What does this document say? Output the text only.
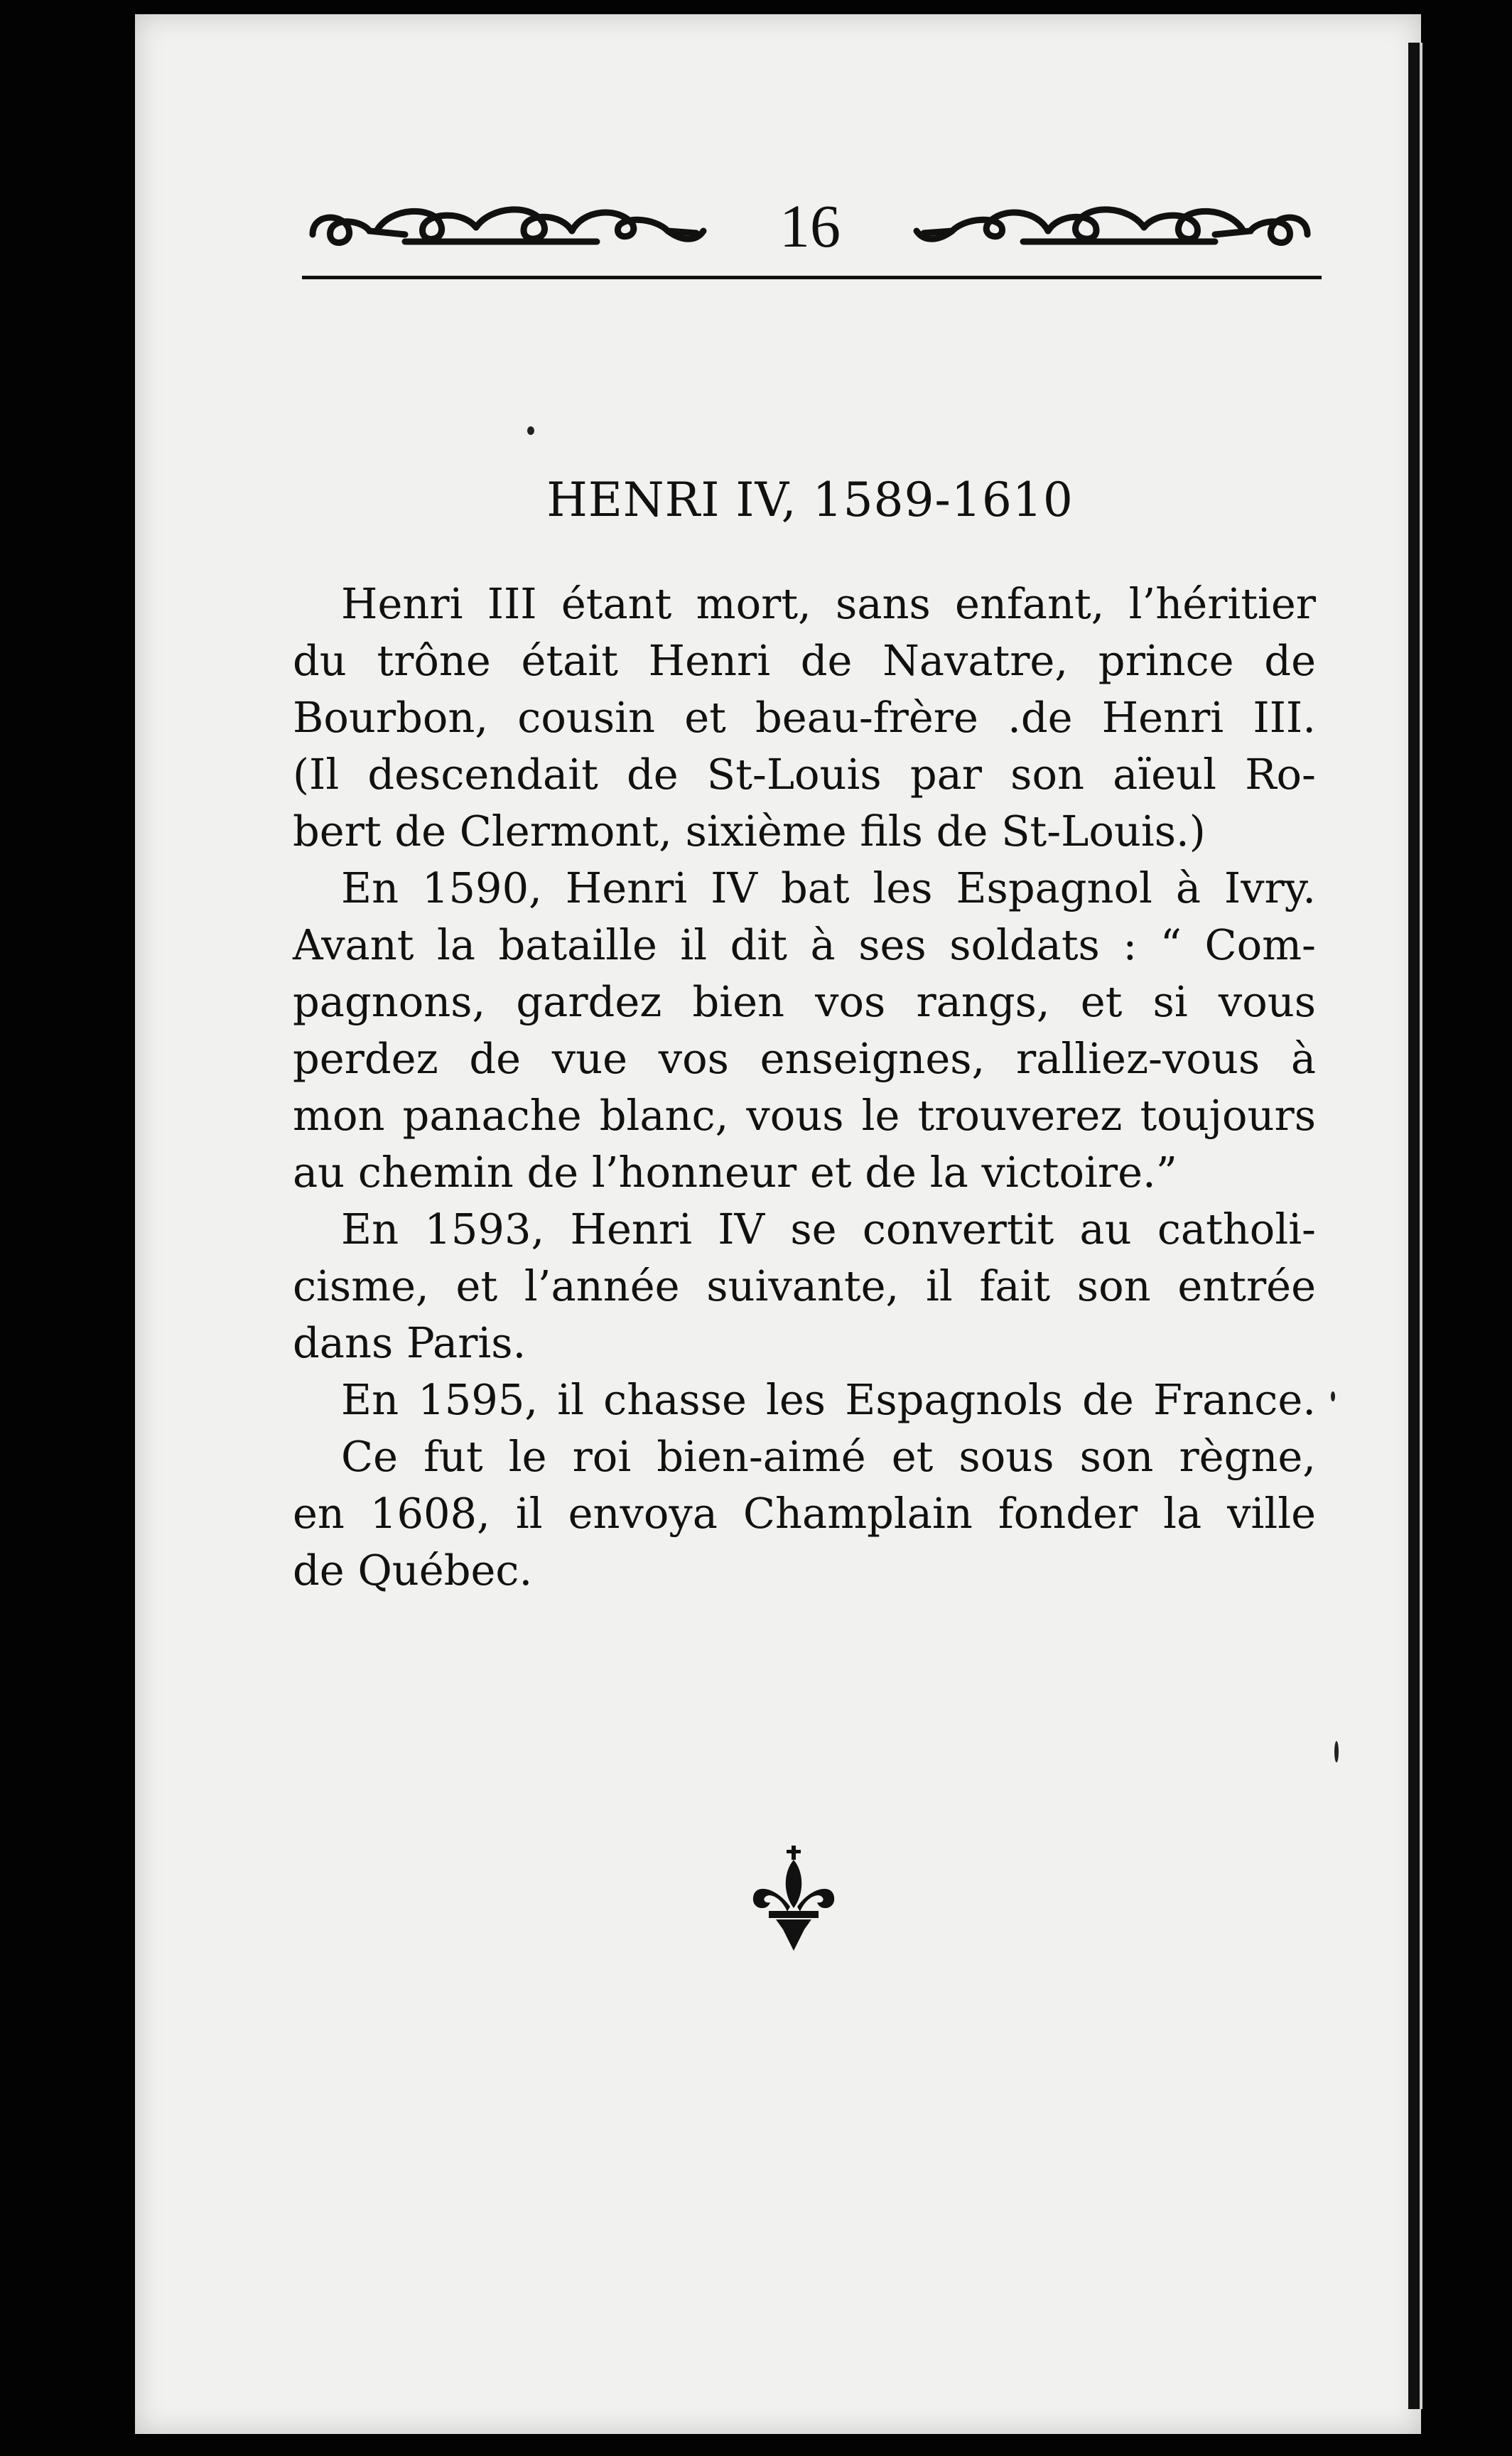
16
HENRI IV, 1589-1610
Henri III étant mort, sans enfant, l’héritier
du trône était Henri de Navatre, prince de
Bourbon, cousin et beau-frère .de Henri III.
(Il descendait de St-Louis par son aïeul Ro-
bert de Clermont, sixième fils de St-Louis.)
En 1590, Henri IV bat les Espagnol à Ivry.
Avant la bataille il dit à ses soldats : “ Com-
pagnons, gardez bien vos rangs, et si vous
perdez de vue vos enseignes, ralliez-vous à
mon panache blanc, vous le trouverez toujours
au chemin de l’honneur et de la victoire.”
En 1593, Henri IV se convertit au catholi-
cisme, et l’année suivante, il fait son entrée
dans Paris.
En 1595, il chasse les Espagnols de France.
Ce fut le roi bien-aimé et sous son règne,
en 1608, il envoya Champlain fonder la ville
de Québec.
